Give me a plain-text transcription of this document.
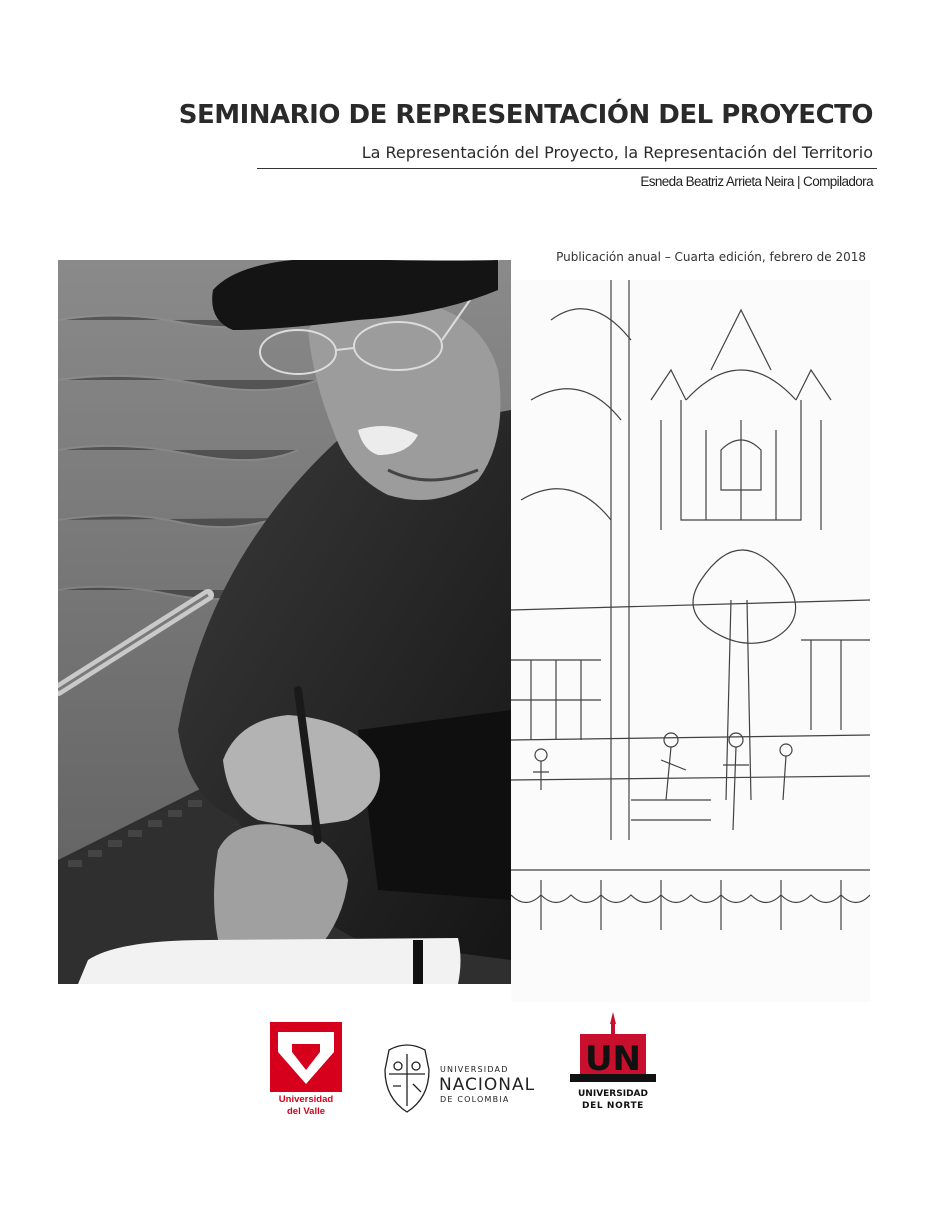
SEMINARIO DE REPRESENTACIÓN DEL PROYECTO
La Representación del Proyecto, la Representación del Territorio
Esneda Beatriz Arrieta Neira | Compiladora
Publicación anual – Cuarta edición, febrero de 2018
Universidad
del Valle
UNIVERSIDAD
NACIONAL
DE COLOMBIA
UN
UNIVERSIDAD
DEL NORTE
